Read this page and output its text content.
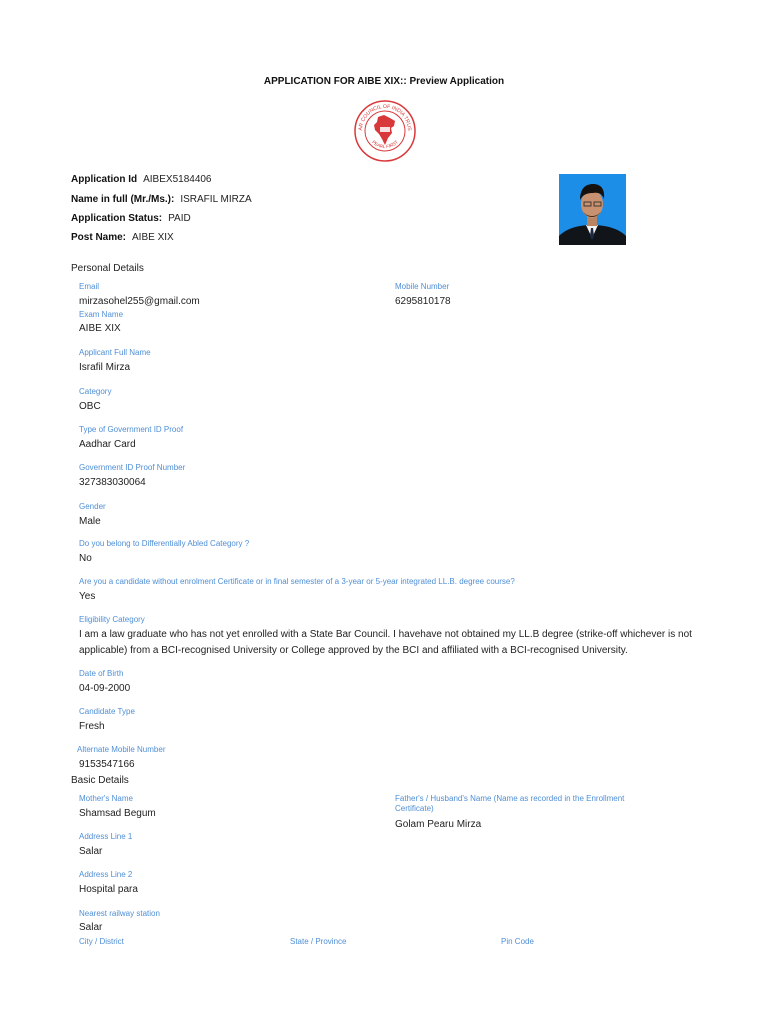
APPLICATION FOR AIBE XIX:: Preview Application
AR COUNCIL OF INDIA TRUS
PEARL FIRST
Application Id AIBEX5184406
Name in full (Mr./Ms.): ISRAFIL MIRZA
Application Status: PAID
Post Name: AIBE XIX
Personal Details
Email
mirzasohel255@gmail.com
Mobile Number
6295810178
Exam Name
AIBE XIX
Applicant Full Name
Israfil Mirza
Category
OBC
Type of Government ID Proof
Aadhar Card
Government ID Proof Number
327383030064
Gender
Male
Do you belong to Differentially Abled Category ?
No
Are you a candidate without enrolment Certificate or in final semester of a 3-year or 5-year integrated LL.B. degree course?
Yes
Eligibility Category
I am a law graduate who has not yet enrolled with a State Bar Council. I havehave not obtained my LL.B degree (strike-off whichever is not applicable) from a BCI-recognised University or College approved by the BCI and affiliated with a BCI-recognised University.
Date of Birth
04-09-2000
Candidate Type
Fresh
Alternate Mobile Number
9153547166
Basic Details
Mother's Name
Shamsad Begum
Father's / Husband's Name (Name as recorded in the Enrollment Certificate)
Golam Pearu Mirza
Address Line 1
Salar
Address Line 2
Hospital para
Nearest railway station
Salar
City / District	State / Province	Pin Code
